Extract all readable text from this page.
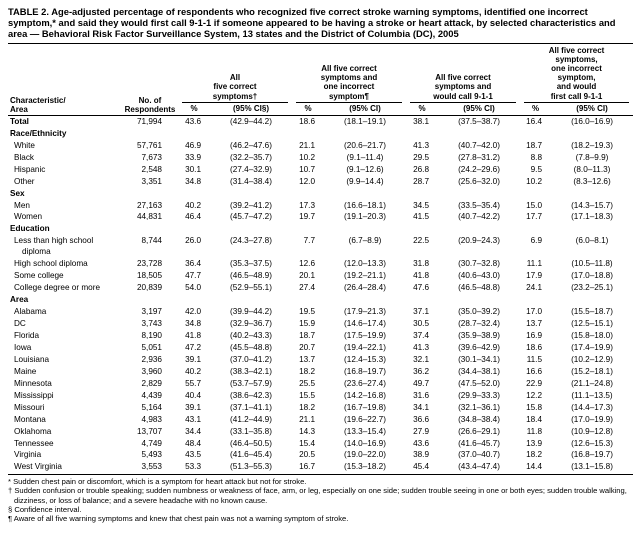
TABLE 2. Age-adjusted percentage of respondents who recognized five correct stroke warning symptoms, identified one incorrect symptom,* and said they would first call 9-1-1 if someone appeared to be having a stroke or heart attack, by selected characteristics and area — Behavioral Risk Factor Surveillance System, 13 states and the District of Columbia (DC), 2005
Characteristic/
Area	No. of
Respondents	
All
five correct
symptoms†

All five correct
symptoms and
one incorrect
symptom¶

All five correct
symptoms and
would call 9-1-1

All five correct
symptoms,
one incorrect
symptom,
and would
first call 9-1-1

		%	(95% CI§)	%	(95% CI)	%	(95% CI)	%	(95% CI)
Total	71,994	43.6	(42.9–44.2)	18.6	(18.1–19.1)	38.1	(37.5–38.7)	16.4	(16.0–16.9)
Race/Ethnicity									
White	57,761	46.9	(46.2–47.6)	21.1	(20.6–21.7)	41.3	(40.7–42.0)	18.7	(18.2–19.3)
Black	7,673	33.9	(32.2–35.7)	10.2	(9.1–11.4)	29.5	(27.8–31.2)	8.8	(7.8–9.9)
Hispanic	2,548	30.1	(27.4–32.9)	10.7	(9.1–12.6)	26.8	(24.2–29.6)	9.5	(8.0–11.3)
Other	3,351	34.8	(31.4–38.4)	12.0	(9.9–14.4)	28.7	(25.6–32.0)	10.2	(8.3–12.6)
Sex									
Men	27,163	40.2	(39.2–41.2)	17.3	(16.6–18.1)	34.5	(33.5–35.4)	15.0	(14.3–15.7)
Women	44,831	46.4	(45.7–47.2)	19.7	(19.1–20.3)	41.5	(40.7–42.2)	17.7	(17.1–18.3)
Education									
Less than high school diploma	8,744	26.0	(24.3–27.8)	7.7	(6.7–8.9)	22.5	(20.9–24.3)	6.9	(6.0–8.1)
High school diploma	23,728	36.4	(35.3–37.5)	12.6	(12.0–13.3)	31.8	(30.7–32.8)	11.1	(10.5–11.8)
Some college	18,505	47.7	(46.5–48.9)	20.1	(19.2–21.1)	41.8	(40.6–43.0)	17.9	(17.0–18.8)
College degree or more	20,839	54.0	(52.9–55.1)	27.4	(26.4–28.4)	47.6	(46.5–48.8)	24.1	(23.2–25.1)
Area									
Alabama	3,197	42.0	(39.9–44.2)	19.5	(17.9–21.3)	37.1	(35.0–39.2)	17.0	(15.5–18.7)
DC	3,743	34.8	(32.9–36.7)	15.9	(14.6–17.4)	30.5	(28.7–32.4)	13.7	(12.5–15.1)
Florida	8,190	41.8	(40.2–43.3)	18.7	(17.5–19.9)	37.4	(35.9–38.9)	16.9	(15.8–18.0)
Iowa	5,051	47.2	(45.5–48.8)	20.7	(19.4–22.1)	41.3	(39.6–42.9)	18.6	(17.4–19.9)
Louisiana	2,936	39.1	(37.0–41.2)	13.7	(12.4–15.3)	32.1	(30.1–34.1)	11.5	(10.2–12.9)
Maine	3,960	40.2	(38.3–42.1)	18.2	(16.8–19.7)	36.2	(34.4–38.1)	16.6	(15.2–18.1)
Minnesota	2,829	55.7	(53.7–57.9)	25.5	(23.6–27.4)	49.7	(47.5–52.0)	22.9	(21.1–24.8)
Mississippi	4,439	40.4	(38.6–42.3)	15.5	(14.2–16.8)	31.6	(29.9–33.3)	12.2	(11.1–13.5)
Missouri	5,164	39.1	(37.1–41.1)	18.2	(16.7–19.8)	34.1	(32.1–36.1)	15.8	(14.4–17.3)
Montana	4,983	43.1	(41.2–44.9)	21.1	(19.6–22.7)	36.6	(34.8–38.4)	18.4	(17.0–19.9)
Oklahoma	13,707	34.4	(33.1–35.8)	14.3	(13.3–15.4)	27.9	(26.6–29.1)	11.8	(10.9–12.8)
Tennessee	4,749	48.4	(46.4–50.5)	15.4	(14.0–16.9)	43.6	(41.6–45.7)	13.9	(12.6–15.3)
Virginia	5,493	43.5	(41.6–45.4)	20.5	(19.0–22.0)	38.9	(37.0–40.7)	18.2	(16.8–19.7)
West Virginia	3,553	53.3	(51.3–55.3)	16.7	(15.3–18.2)	45.4	(43.4–47.4)	14.4	(13.1–15.8)
* Sudden chest pain or discomfort, which is a symptom for heart attack but not for stroke.
† Sudden confusion or trouble speaking; sudden numbness or weakness of face, arm, or leg, especially on one side; sudden trouble seeing in one or both eyes; sudden trouble walking, dizziness, or loss of balance; and a severe headache with no known cause.
§ Confidence interval.
¶ Aware of all five warning symptoms and knew that chest pain was not a warning symptom of stroke.
